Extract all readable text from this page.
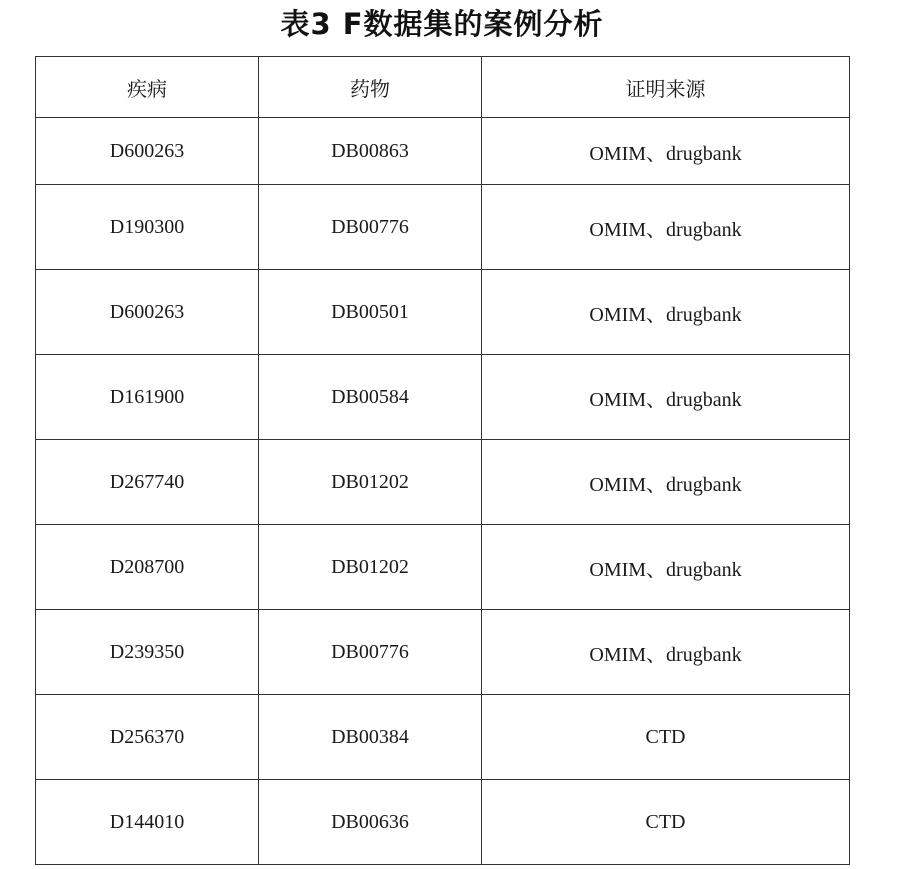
表3 F数据集的案例分析
疾病	药物	证明来源
D600263	DB00863	OMIM、drugbank
D190300	DB00776	OMIM、drugbank
D600263	DB00501	OMIM、drugbank
D161900	DB00584	OMIM、drugbank
D267740	DB01202	OMIM、drugbank
D208700	DB01202	OMIM、drugbank
D239350	DB00776	OMIM、drugbank
D256370	DB00384	CTD
D144010	DB00636	CTD
